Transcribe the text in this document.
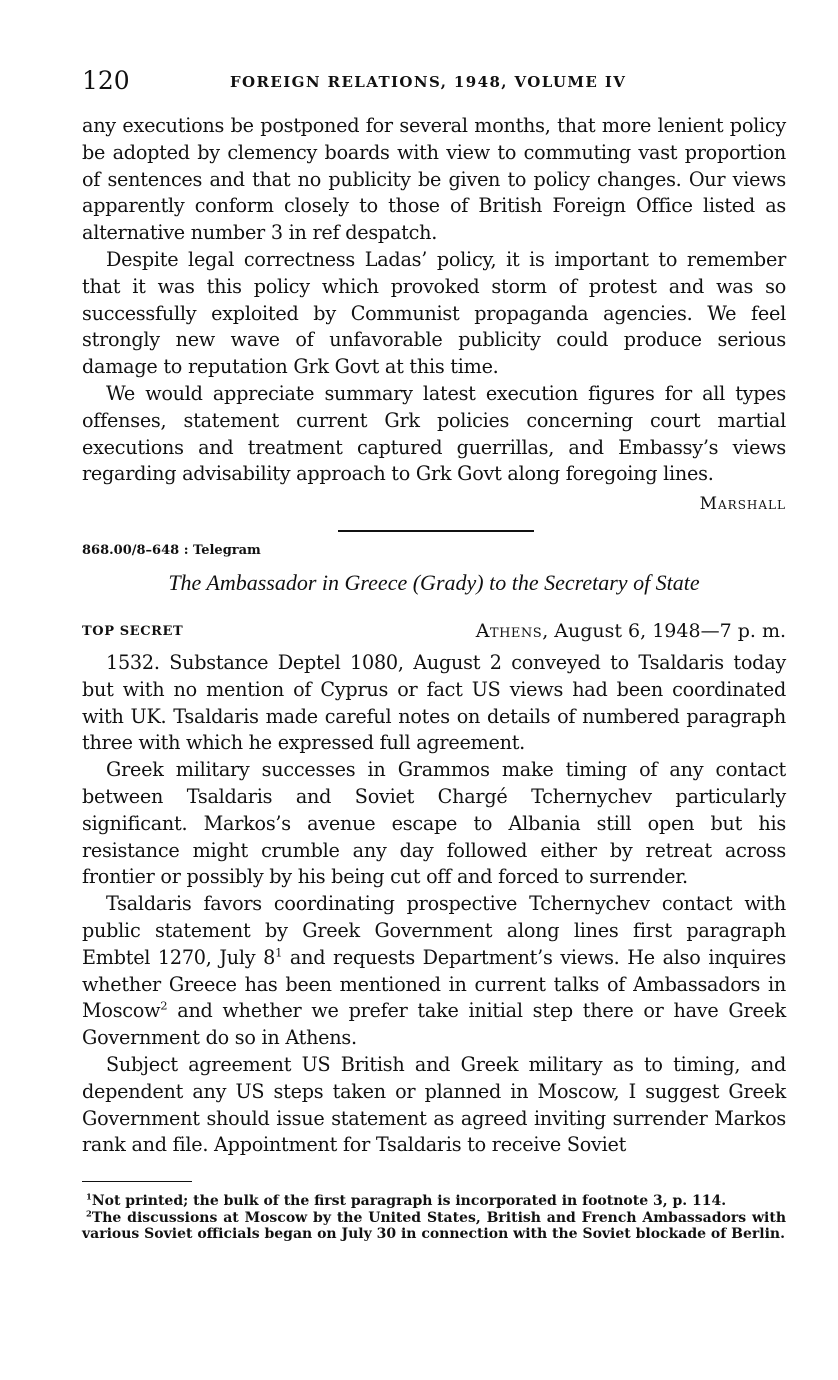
120	FOREIGN RELATIONS, 1948, VOLUME IV

any executions be postponed for several months, that more lenient policy be adopted by clemency boards with view to commuting vast proportion of sentences and that no publicity be given to policy changes. Our views apparently conform closely to those of British Foreign Office listed as alternative number 3 in ref despatch.

Despite legal correctness Ladas’ policy, it is important to remember that it was this policy which provoked storm of protest and was so successfully exploited by Communist propaganda agencies. We feel strongly new wave of unfavorable publicity could produce serious damage to reputation Grk Govt at this time.

We would appreciate summary latest execution figures for all types offenses, statement current Grk policies concerning court martial executions and treatment captured guerrillas, and Embassy’s views regarding advisability approach to Grk Govt along foregoing lines.

Marshall
868.00/8–648 : Telegram
The Ambassador in Greece (Grady) to the Secretary of State
TOP SECRET	Athens, August 6, 1948—7 p. m.

1532. Substance Deptel 1080, August 2 conveyed to Tsaldaris today but with no mention of Cyprus or fact US views had been coordinated with UK. Tsaldaris made careful notes on details of numbered paragraph three with which he expressed full agreement.

Greek military successes in Grammos make timing of any contact between Tsaldaris and Soviet Chargé Tchernychev particularly significant. Markos’s avenue escape to Albania still open but his resistance might crumble any day followed either by retreat across frontier or possibly by his being cut off and forced to surrender.

Tsaldaris favors coordinating prospective Tchernychev contact with public statement by Greek Government along lines first paragraph Embtel 1270, July $8^1$ and requests Department’s views. He also inquires whether Greece has been mentioned in current talks of Ambassadors in Moscow$^2$ and whether we prefer take initial step there or have Greek Government do so in Athens.

Subject agreement US British and Greek military as to timing, and dependent any US steps taken or planned in Moscow, I suggest Greek Government should issue statement as agreed inviting surrender Markos rank and file. Appointment for Tsaldaris to receive Soviet

$^1$Not printed; the bulk of the first paragraph is incorporated in footnote 3, p. 114.

$^2$The discussions at Moscow by the United States, British and French Ambassadors with various Soviet officials began on July 30 in connection with the Soviet blockade of Berlin.
